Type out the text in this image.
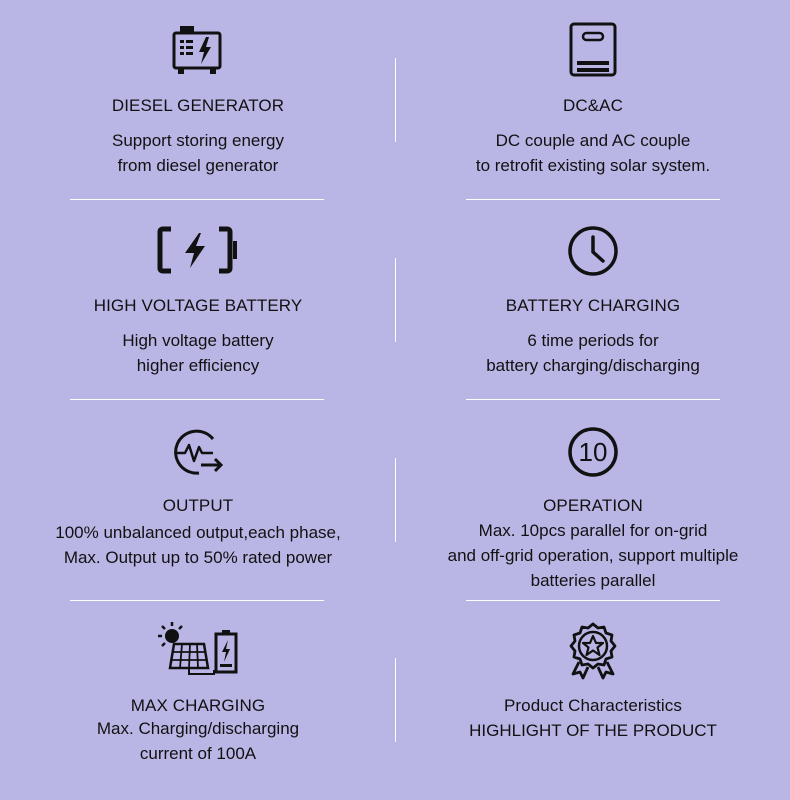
DIESEL GENERATOR
Support storing energy
from diesel generator
DC&AC
DC couple and AC couple
to retrofit existing solar system.
HIGH VOLTAGE BATTERY
High voltage battery
higher efficiency
BATTERY CHARGING
6 time periods for
battery charging/discharging
OUTPUT
100% unbalanced output,each phase,
Max. Output up to 50% rated power
10
OPERATION
Max. 10pcs parallel for on-grid
and off-grid operation, support multiple
batteries parallel
MAX CHARGING
Max. Charging/discharging
current of 100A
Product Characteristics
HIGHLIGHT OF THE PRODUCT
